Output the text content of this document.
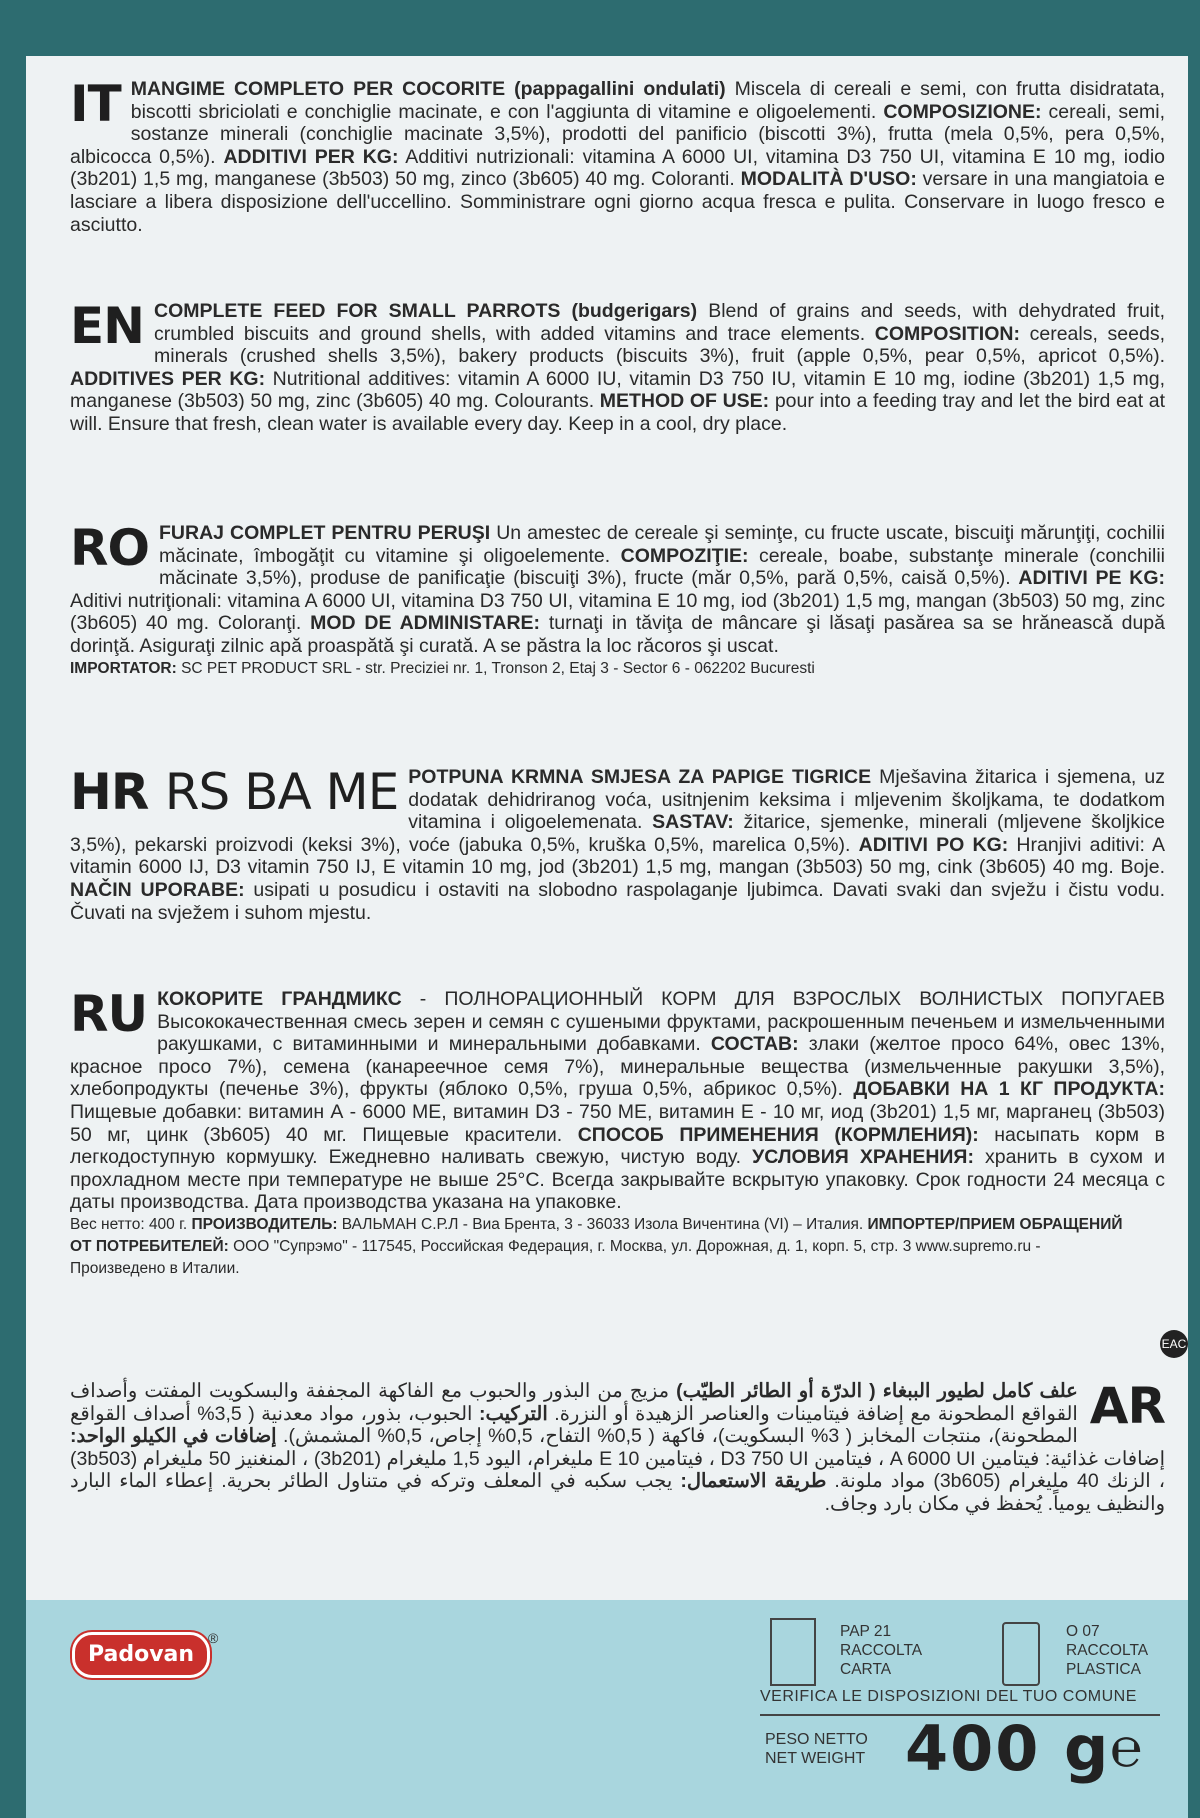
IT MANGIME COMPLETO PER COCORITE (pappagallini ondulati) Miscela di cereali e semi, con frutta disidratata, biscotti sbriciolati e conchiglie macinate, e con l'aggiunta di vitamine e oligoelementi. COMPOSIZIONE: cereali, semi, sostanze minerali (conchiglie macinate 3,5%), prodotti del panificio (biscotti 3%), frutta (mela 0,5%, pera 0,5%, albicocca 0,5%). ADDITIVI PER KG: Additivi nutrizionali: vitamina A 6000 UI, vitamina D3 750 UI, vitamina E 10 mg, iodio (3b201) 1,5 mg, manganese (3b503) 50 mg, zinco (3b605) 40 mg. Coloranti. MODALITÀ D'USO: versare in una mangiatoia e lasciare a libera disposizione dell'uccellino. Somministrare ogni giorno acqua fresca e pulita. Conservare in luogo fresco e asciutto.
EN COMPLETE FEED FOR SMALL PARROTS (budgerigars) Blend of grains and seeds, with dehydrated fruit, crumbled biscuits and ground shells, with added vitamins and trace elements. COMPOSITION: cereals, seeds, minerals (crushed shells 3,5%), bakery products (biscuits 3%), fruit (apple 0,5%, pear 0,5%, apricot 0,5%). ADDITIVES PER KG: Nutritional additives: vitamin A 6000 IU, vitamin D3 750 IU, vitamin E 10 mg, iodine (3b201) 1,5 mg, manganese (3b503) 50 mg, zinc (3b605) 40 mg. Colourants. METHOD OF USE: pour into a feeding tray and let the bird eat at will. Ensure that fresh, clean water is available every day. Keep in a cool, dry place.
RO FURAJ COMPLET PENTRU PERUŞI Un amestec de cereale şi seminţe, cu fructe uscate, biscuiţi mărunţiţi, cochilii măcinate, îmbogăţit cu vitamine şi oligoelemente. COMPOZIŢIE: cereale, boabe, substanţe minerale (conchilii măcinate 3,5%), produse de panificaţie (biscuiţi 3%), fructe (măr 0,5%, pară 0,5%, caisă 0,5%). ADITIVI PE KG: Aditivi nutriţionali: vitamina A 6000 UI, vitamina D3 750 UI, vitamina E 10 mg, iod (3b201) 1,5 mg, mangan (3b503) 50 mg, zinc (3b605) 40 mg. Coloranţi. MOD DE ADMINISTARE: turnaţi in tăviţa de mâncare şi lăsaţi pasărea sa se hrănească după dorinţă. Asiguraţi zilnic apă proaspătă şi curată. A se păstra la loc răcoros şi uscat.
IMPORTATOR: SC PET PRODUCT SRL - str. Preciziei nr. 1, Tronson 2, Etaj 3 - Sector 6 - 062202 Bucuresti
HR RS BA ME POTPUNA KRMNA SMJESA ZA PAPIGE TIGRICE Mješavina žitarica i sjemena, uz dodatak dehidriranog voća, usitnjenim keksima i mljevenim školjkama, te dodatkom vitamina i oligoelemenata. SASTAV: žitarice, sjemenke, minerali (mljevene školjkice 3,5%), pekarski proizvodi (keksi 3%), voće (jabuka 0,5%, kruška 0,5%, marelica 0,5%). ADITIVI PO KG: Hranjivi aditivi: A vitamin 6000 IJ, D3 vitamin 750 IJ, E vitamin 10 mg, jod (3b201) 1,5 mg, mangan (3b503) 50 mg, cink (3b605) 40 mg. Boje. NAČIN UPORABE: usipati u posudicu i ostaviti na slobodno raspolaganje ljubimca. Davati svaki dan svježu i čistu vodu. Čuvati na svježem i suhom mjestu.
RU КОКОРИТЕ ГРАНДМИКС - ПОЛНОРАЦИОННЫЙ КОРМ ДЛЯ ВЗРОСЛЫХ ВОЛНИСТЫХ ПОПУГАЕВ Высококачественная смесь зерен и семян с сушеными фруктами, раскрошенным печеньем и измельченными ракушками, с витаминными и минеральными добавками. СОСТАВ: злаки (желтое просо 64%, овес 13%, красное просо 7%), семена (канареечное семя 7%), минеральные вещества (измельченные ракушки 3,5%), хлебопродукты (печенье 3%), фрукты (яблоко 0,5%, груша 0,5%, абрикос 0,5%). ДОБАВКИ НА 1 КГ ПРОДУКТА: Пищевые добавки: витамин А - 6000 МЕ, витамин D3 - 750 МЕ, витамин Е - 10 мг, иод (3b201) 1,5 мг, марганец (3b503) 50 мг, цинк (3b605) 40 мг. Пищевые красители. СПОСОБ ПРИМЕНЕНИЯ (КОРМЛЕНИЯ): насыпать корм в легкодоступную кормушку. Ежедневно наливать свежую, чистую воду. УСЛОВИЯ ХРАНЕНИЯ: хранить в сухом и прохладном месте при температуре не выше 25°С. Всегда закрывайте вскрытую упаковку. Срок годности 24 месяца с даты производства. Дата производства указана на упаковке.
Вес нетто: 400 г. ПРОИЗВОДИТЕЛЬ: ВАЛЬМАН С.Р.Л - Виа Брента, 3 - 36033 Изола Вичентина (VI) – Италия. ИМПОРТЕР/ПРИЕМ ОБРАЩЕНИЙ ОТ ПОТРЕБИТЕЛЕЙ: ООО "Супрэмо" - 117545, Российская Федерация, г. Москва, ул. Дорожная, д. 1, корп. 5, стр. 3 www.supremo.ru - Произведено в Италии.
EAC
AR
علف كامل لطيور الببغاء ( الدرّة أو الطائر الطيّب) مزيج من البذور والحبوب مع الفاكهة المجففة والبسكويت المفتت وأصداف القواقع المطحونة مع إضافة فيتامينات والعناصر الزهيدة أو النزرة. التركيب: الحبوب، بذور، مواد معدنية ( 3,5% أصداف القواقع المطحونة)، منتجات المخابز ( 3% البسكويت)، فاكهة ( 0,5% التفاح، 0,5% إجاص، 0,5% المشمش). إضافات في الكيلو الواحد: إضافات غذائية: فيتامين A 6000 UI ، فيتامين D3 750 UI ، فيتامين E 10 مليغرام، اليود 1,5 مليغرام (3b201) ، المنغنيز 50 مليغرام (3b503) ، الزنك 40 مليغرام (3b605) مواد ملونة. طريقة الاستعمال: يجب سكبه في المعلف وتركه في متناول الطائر بحرية. إعطاء الماء البارد والنظيف يومياً. يُحفظ في مكان بارد وجاف.
Padovan
®	PAP 21
RACCOLTA
CARTA
O 07
RACCOLTA
PLASTICA
VERIFICA LE DISPOSIZIONI DEL TUO COMUNE
PESO NETTO
NET WEIGHT 400 g ℮
